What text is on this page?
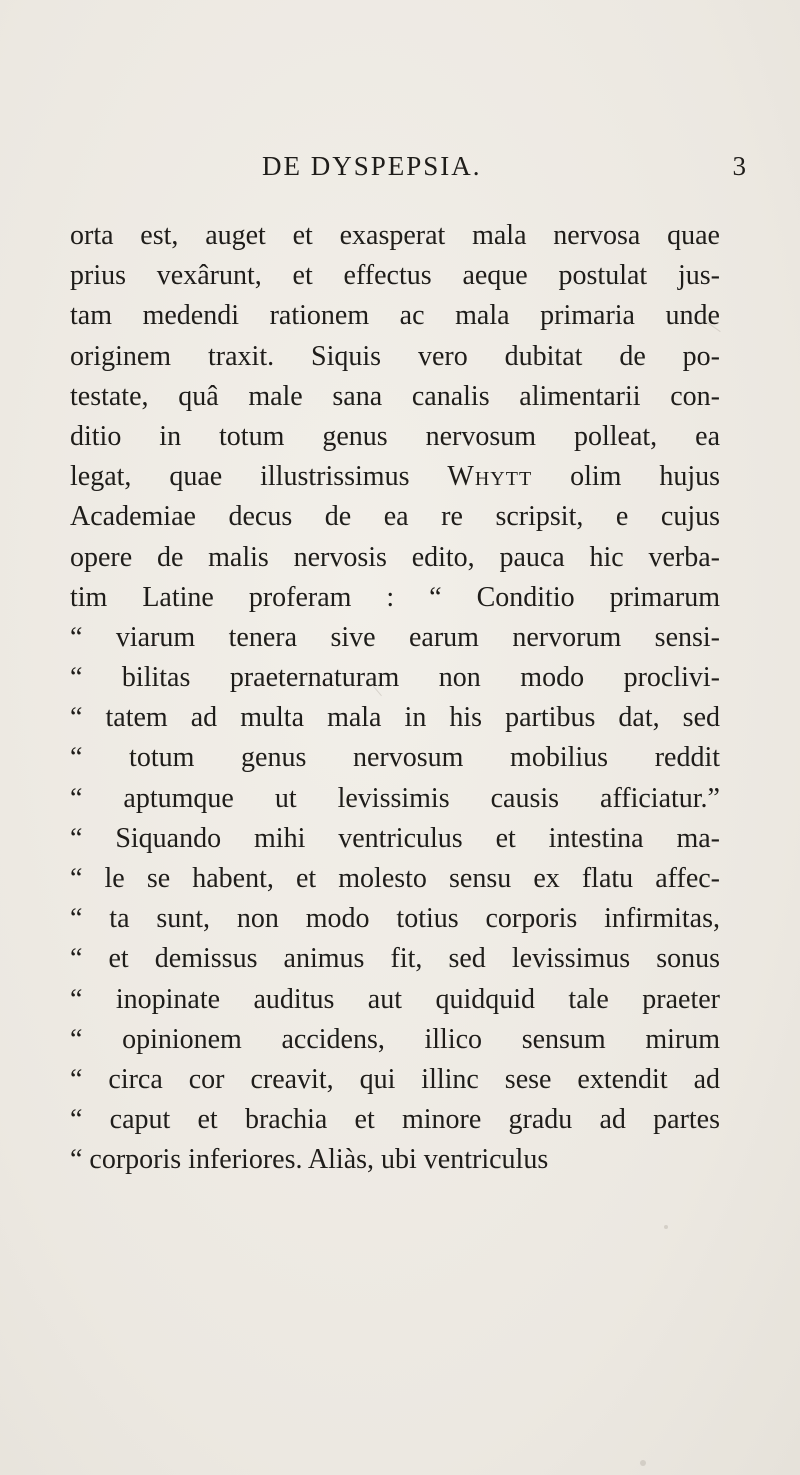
DE DYSPEPSIA.	3
orta est, auget et exasperat mala nervosa quae
prius vexârunt, et effectus aeque postulat jus-
tam medendi rationem ac mala primaria unde
originem traxit. Siquis vero dubitat de po-
testate, quâ male sana canalis alimentarii con-
ditio in totum genus nervosum polleat, ea
legat, quae illustrissimus Whytt olim hujus
Academiae decus de ea re scripsit, e cujus
opere de malis nervosis edito, pauca hic verba-
tim Latine proferam : “ Conditio primarum
“ viarum tenera sive earum nervorum sensi-
“ bilitas praeternaturam non modo proclivi-
“ tatem ad multa mala in his partibus dat, sed
“ totum genus nervosum mobilius reddit
“ aptumque ut levissimis causis afficiatur.”
“ Siquando mihi ventriculus et intestina ma-
“ le se habent, et molesto sensu ex flatu affec-
“ ta sunt, non modo totius corporis infirmitas,
“ et demissus animus fit, sed levissimus sonus
“ inopinate auditus aut quidquid tale praeter
“ opinionem accidens, illico sensum mirum
“ circa cor creavit, qui illinc sese extendit ad
“ caput et brachia et minore gradu ad partes
“ corporis inferiores. Aliàs, ubi ventriculus
